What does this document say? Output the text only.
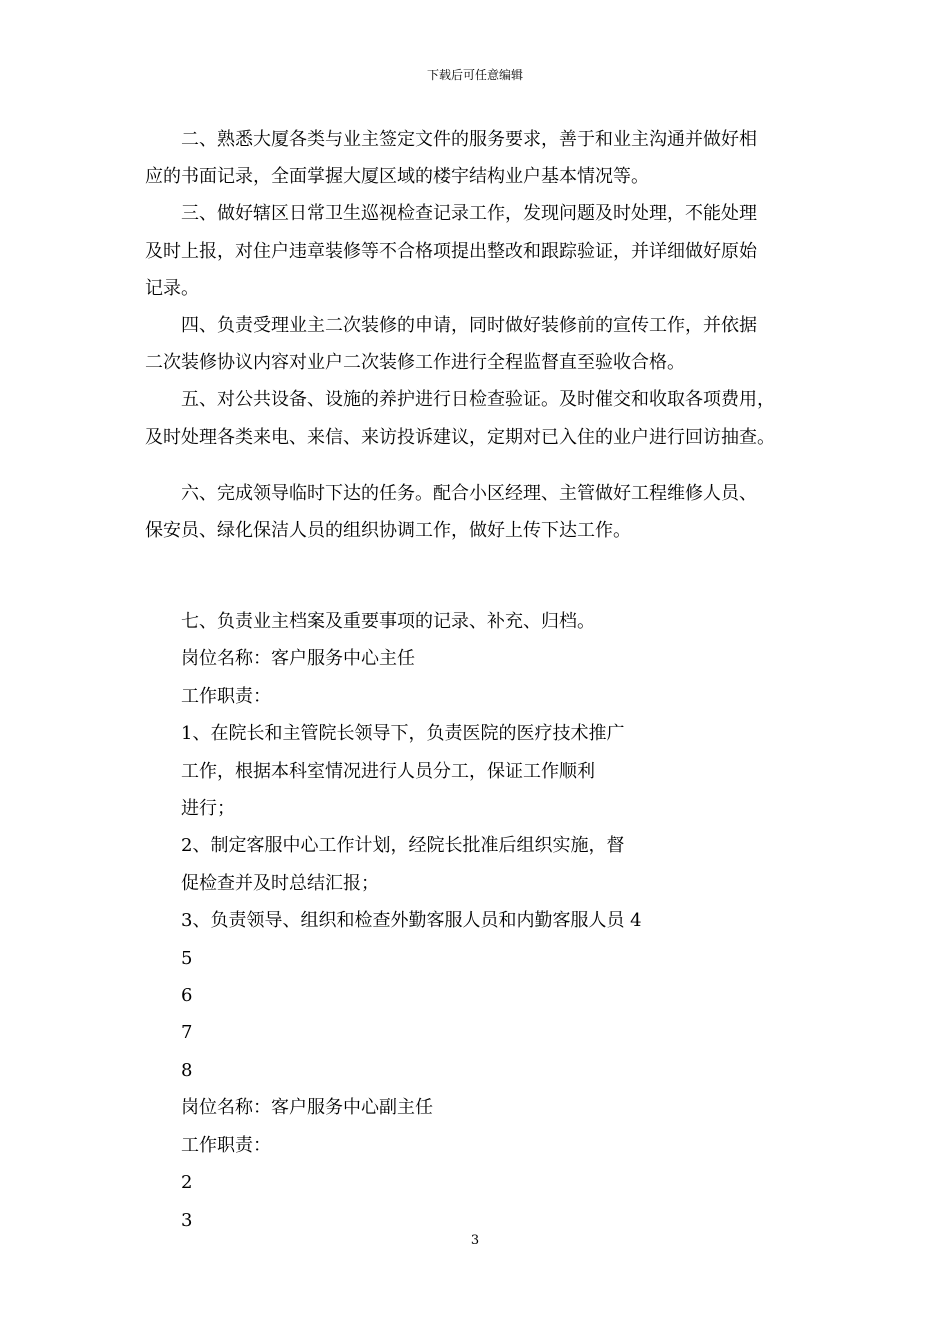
下载后可任意编辑

二、熟悉大厦各类与业主签定文件的服务要求，善于和业主沟通并做好相
应的书面记录，全面掌握大厦区域的楼宇结构业户基本情况等。

三、做好辖区日常卫生巡视检查记录工作，发现问题及时处理，不能处理
及时上报，对住户违章装修等不合格项提出整改和跟踪验证，并详细做好原始
记录。

四、负责受理业主二次装修的申请，同时做好装修前的宣传工作，并依据
二次装修协议内容对业户二次装修工作进行全程监督直至验收合格。

五、对公共设备、设施的养护进行日检查验证。及时催交和收取各项费用，
及时处理各类来电、来信、来访投诉建议，定期对已入住的业户进行回访抽查。

六、完成领导临时下达的任务。配合小区经理、主管做好工程维修人员、
保安员、绿化保洁人员的组织协调工作，做好上传下达工作。

七、负责业主档案及重要事项的记录、补充、归档。

岗位名称：客户服务中心主任

工作职责：

1、在院长和主管院长领导下，负责医院的医疗技术推广

工作，根据本科室情况进行人员分工，保证工作顺利

进行；

2、制定客服中心工作计划，经院长批准后组织实施，督

促检查并及时总结汇报；

3、负责领导、组织和检查外勤客服人员和内勤客服人员 4

5

6

7

8

岗位名称：客户服务中心副主任

工作职责：

2

3

3
